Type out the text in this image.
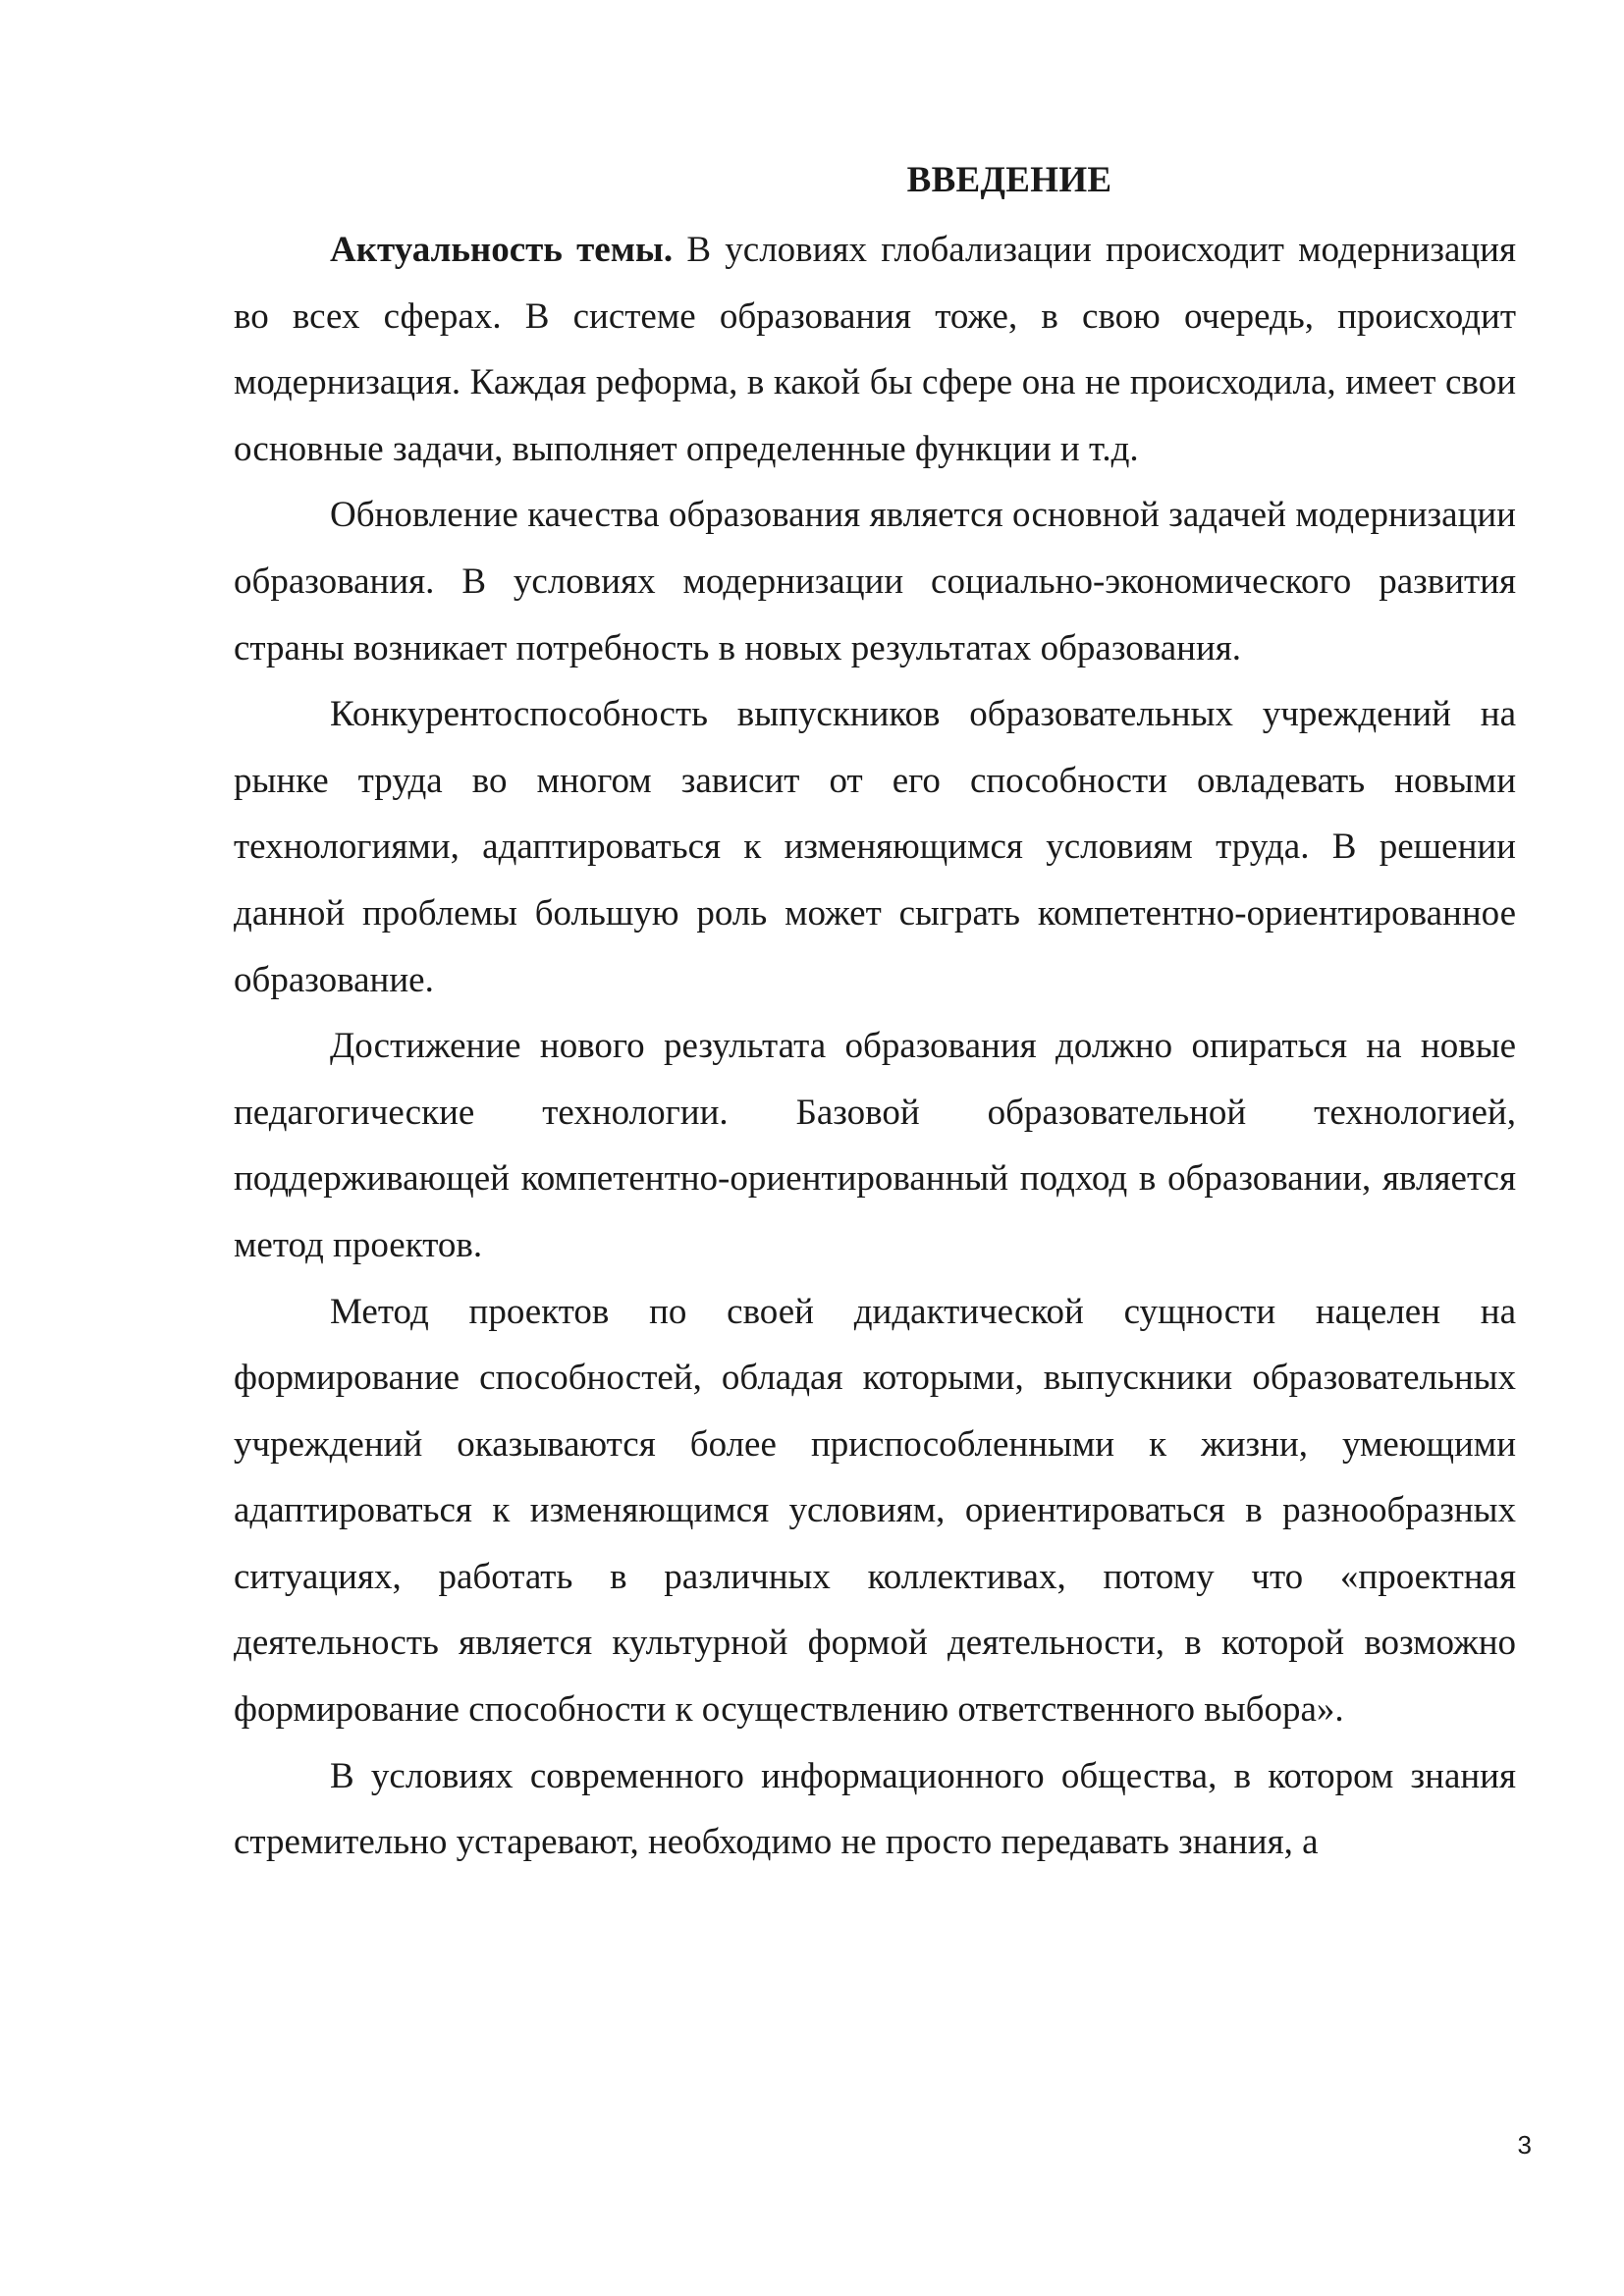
ВВЕДЕНИЕ

Актуальность темы. В условиях глобализации происходит модернизация во всех сферах. В системе образования тоже, в свою очередь, происходит модернизация. Каждая реформа, в какой бы сфере она не происходила, имеет свои основные задачи, выполняет определенные функции и т.д.

Обновление качества образования является основной задачей модернизации образования. В условиях модернизации социально-экономического развития страны возникает потребность в новых результатах образования.

Конкурентоспособность выпускников образовательных учреждений на рынке труда во многом зависит от его способности овладевать новыми технологиями, адаптироваться к изменяющимся условиям труда. В решении данной проблемы большую роль может сыграть компетентно-ориентированное образование.

Достижение нового результата образования должно опираться на новые педагогические технологии. Базовой образовательной технологией, поддерживающей компетентно-ориентированный подход в образовании, является метод проектов.

Метод проектов по своей дидактической сущности нацелен на формирование способностей, обладая которыми, выпускники образовательных учреждений оказываются более приспособленными к жизни, умеющими адаптироваться к изменяющимся условиям, ориентироваться в разнообразных ситуациях, работать в различных коллективах, потому что «проектная деятельность является культурной формой деятельности, в которой возможно формирование способности к осуществлению ответственного выбора».

В условиях современного информационного общества, в котором знания стремительно устаревают, необходимо не просто передавать знания, а

3
